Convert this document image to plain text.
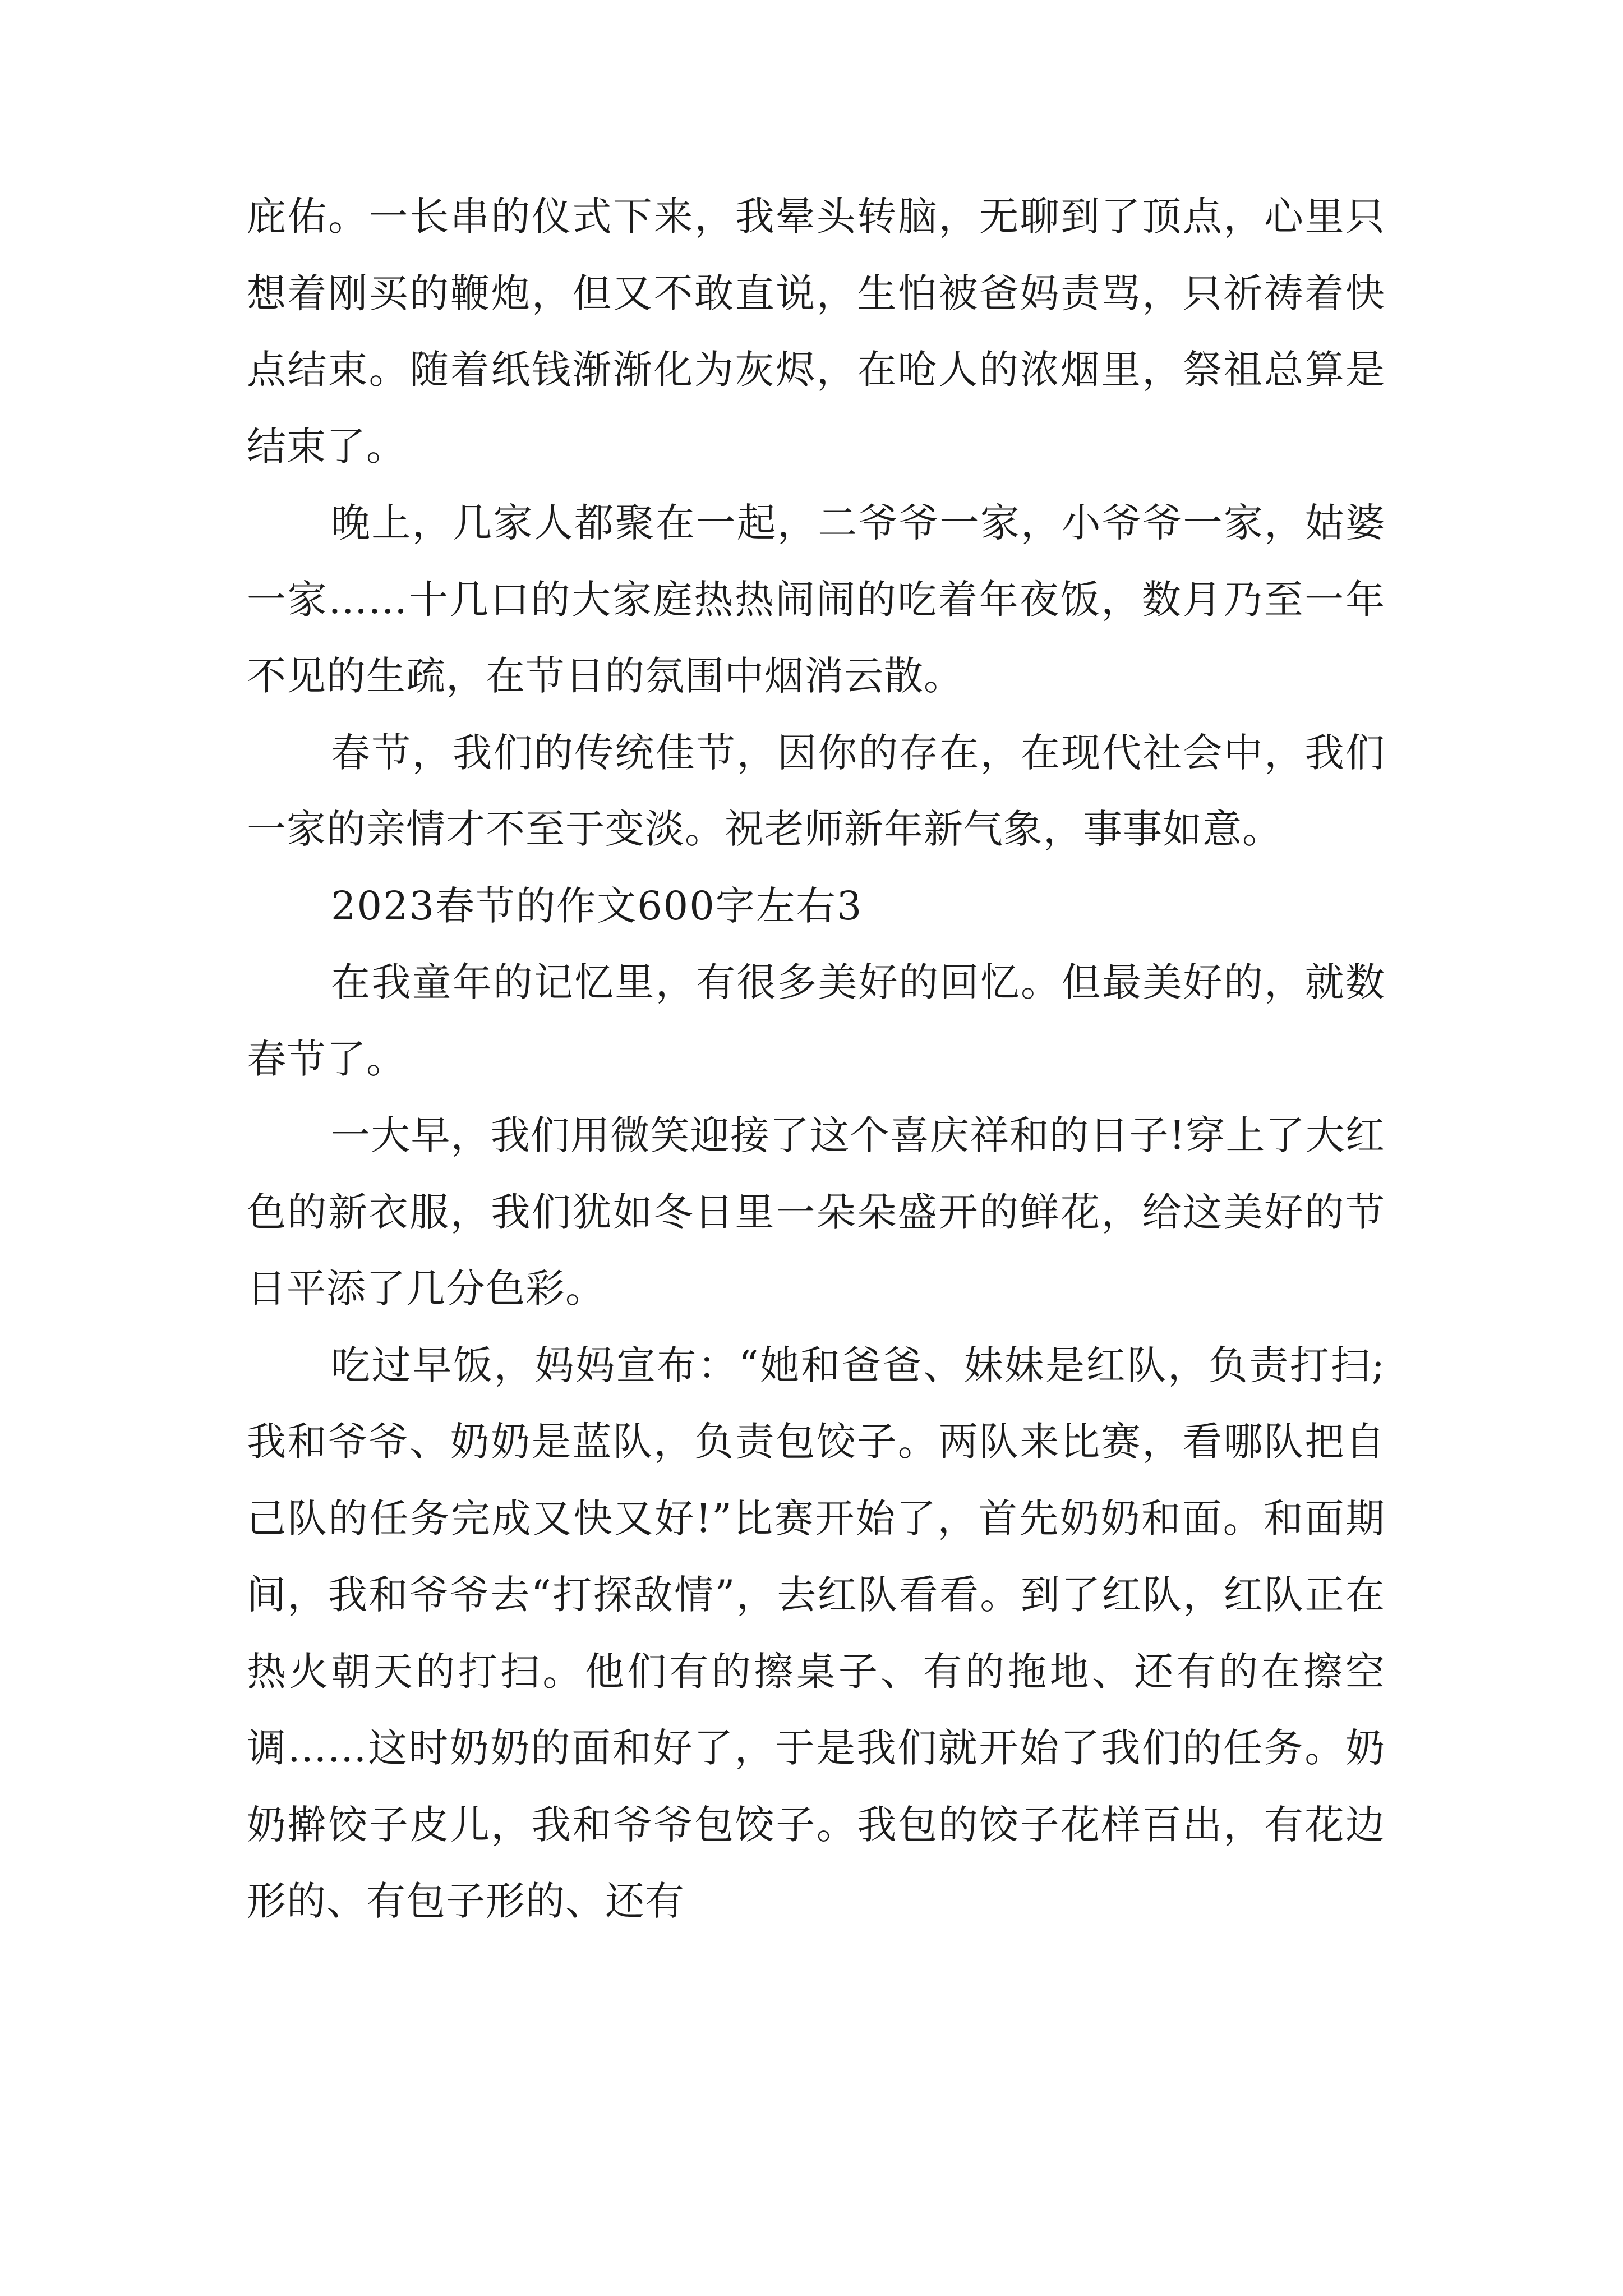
庇佑。一长串的仪式下来，我晕头转脑，无聊到了顶点，心里只想着刚买的鞭炮，但又不敢直说，生怕被爸妈责骂，只祈祷着快点结束。随着纸钱渐渐化为灰烬，在呛人的浓烟里，祭祖总算是结束了。

晚上，几家人都聚在一起，二爷爷一家，小爷爷一家，姑婆一家……十几口的大家庭热热闹闹的吃着年夜饭，数月乃至一年不见的生疏，在节日的氛围中烟消云散。

春节，我们的传统佳节，因你的存在，在现代社会中，我们一家的亲情才不至于变淡。祝老师新年新气象，事事如意。

2023春节的作文600字左右3

在我童年的记忆里，有很多美好的回忆。但最美好的，就数春节了。

一大早，我们用微笑迎接了这个喜庆祥和的日子!穿上了大红色的新衣服，我们犹如冬日里一朵朵盛开的鲜花，给这美好的节日平添了几分色彩。

吃过早饭，妈妈宣布：“她和爸爸、妹妹是红队，负责打扫;我和爷爷、奶奶是蓝队，负责包饺子。两队来比赛，看哪队把自己队的任务完成又快又好!”比赛开始了，首先奶奶和面。和面期间，我和爷爷去“打探敌情”，去红队看看。到了红队，红队正在热火朝天的打扫。他们有的擦桌子、有的拖地、还有的在擦空调……这时奶奶的面和好了，于是我们就开始了我们的任务。奶奶擀饺子皮儿，我和爷爷包饺子。我包的饺子花样百出，有花边形的、有包子形的、还有
